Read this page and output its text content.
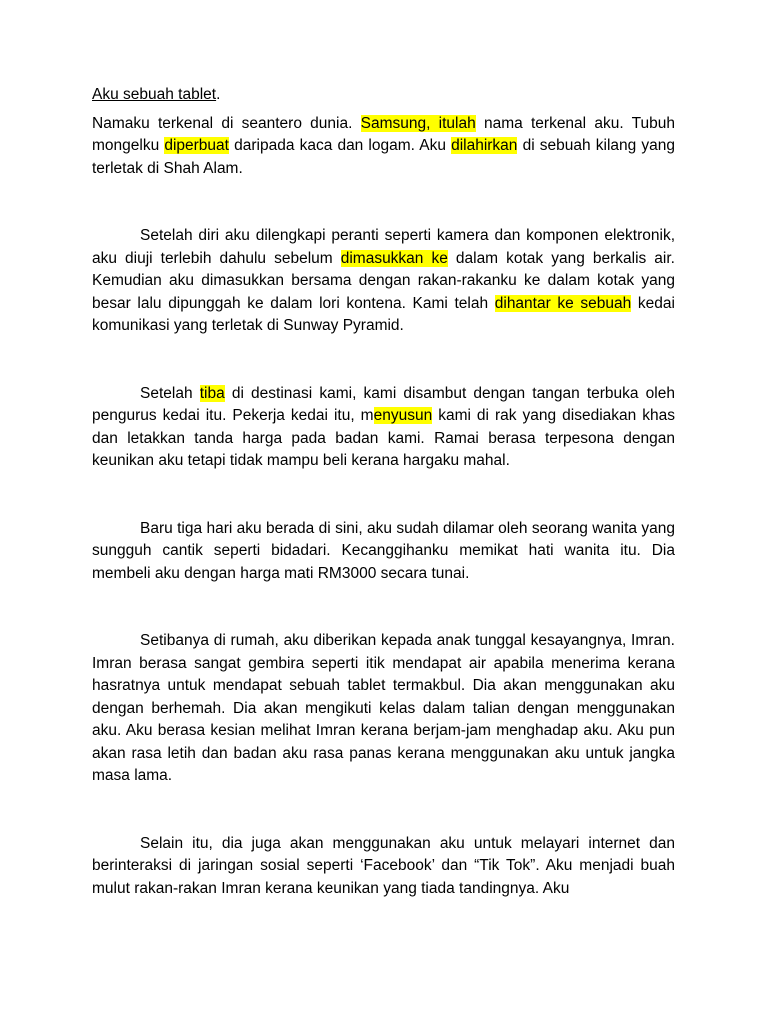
Aku sebuah tablet.

Namaku terkenal di seantero dunia. Samsung, itulah nama terkenal aku. Tubuh mongelku diperbuat daripada kaca dan logam. Aku dilahirkan di sebuah kilang yang terletak di Shah Alam.

Setelah diri aku dilengkapi peranti seperti kamera dan komponen elektronik, aku diuji terlebih dahulu sebelum dimasukkan ke dalam kotak yang berkalis air. Kemudian aku dimasukkan bersama dengan rakan-rakanku ke dalam kotak yang besar lalu dipunggah ke dalam lori kontena. Kami telah dihantar ke sebuah kedai komunikasi yang terletak di Sunway Pyramid.

Setelah tiba di destinasi kami, kami disambut dengan tangan terbuka oleh pengurus kedai itu. Pekerja kedai itu, menyusun kami di rak yang disediakan khas dan letakkan tanda harga pada badan kami. Ramai berasa terpesona dengan keunikan aku tetapi tidak mampu beli kerana hargaku mahal.

Baru tiga hari aku berada di sini, aku sudah dilamar oleh seorang wanita yang sungguh cantik seperti bidadari. Kecanggihanku memikat hati wanita itu. Dia membeli aku dengan harga mati RM3000 secara tunai.

Setibanya di rumah, aku diberikan kepada anak tunggal kesayangnya, Imran. Imran berasa sangat gembira seperti itik mendapat air apabila menerima kerana hasratnya untuk mendapat sebuah tablet termakbul. Dia akan menggunakan aku dengan berhemah. Dia akan mengikuti kelas dalam talian dengan menggunakan aku. Aku berasa kesian melihat Imran kerana berjam-jam menghadap aku. Aku pun akan rasa letih dan badan aku rasa panas kerana menggunakan aku untuk jangka masa lama.

Selain itu, dia juga akan menggunakan aku untuk melayari internet dan berinteraksi di jaringan sosial seperti ‘Facebook’ dan “Tik Tok”. Aku menjadi buah mulut rakan-rakan Imran kerana keunikan yang tiada tandingnya. Aku
